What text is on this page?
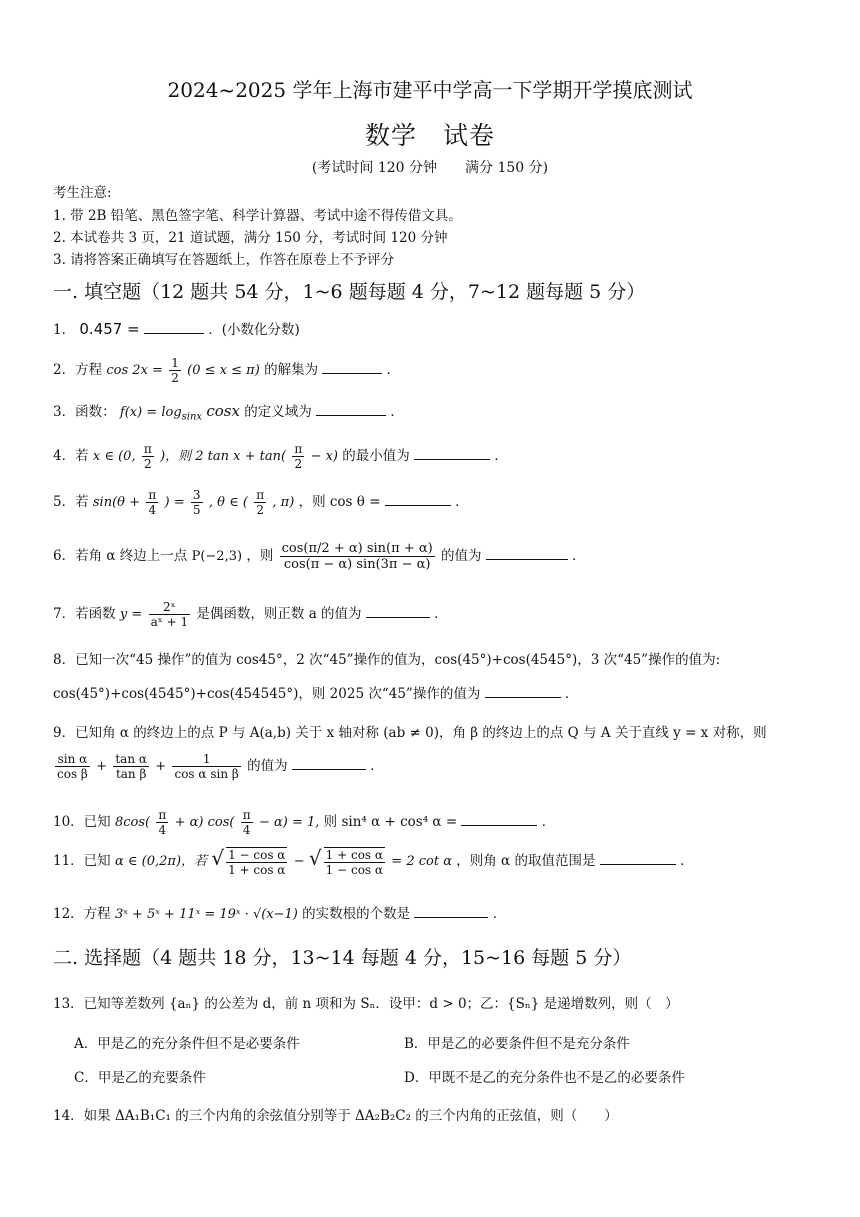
2024~2025 学年上海市建平中学高一下学期开学摸底测试
数学　试卷
(考试时间 120 分钟　　满分 150 分)
考生注意:
1. 带 2B 铅笔、黑色签字笔、科学计算器、考试中途不得传借文具。
2. 本试卷共 3 页，21 道试题，满分 150 分，考试时间 120 分钟
3. 请将答案正确填写在答题纸上，作答在原卷上不予评分
一. 填空题（12 题共 54 分，1~6 题每题 4 分，7~12 题每题 5 分）
1． 0.457 =	．(小数化分数)
2．方程 $\cos 2x = \frac{1}{2} (0 \le x \le \pi)$ 的解集为	．
3．函数： $f(x) = \log_{sinx} \cos x$ 的定义域为	．
4．若 x ∈ (0, $\frac{\pi}{2}$ )，则 2 $\tan x + \tan( \frac{\pi}{2} - x)$ 的最小值为	．
5．若 $\sin(\theta + \frac{\pi}{4}$ ) = $\frac{3}{5}$ , θ ∈ ( $\frac{\pi}{2}$ , π) ，则 cos θ =	．
6．若角 α 终边上一点 P(−2,3) ，则 $\frac{\cos(\pi/2 + \alpha) \sin(\pi + \alpha)}{\cos(\pi - \alpha) \sin(3\pi - \alpha)}$ 的值为	．
7．若函数 $y = \frac{\text{2ˣ}}{\text{aˣ + 1}}$ 是偶函数，则正数 a 的值为	．
8．已知一次“45 操作”的值为 cos45°，2 次“45”操作的值为，cos(45°)+cos(4545°)，3 次“45”操作的值为:
cos(45°)+cos(4545°)+cos(454545°)，则 2025 次“45”操作的值为	．
9．已知角 α 的终边上的点 P 与 A(a,b) 关于 x 轴对称 (ab ≠ 0)，角 β 的终边上的点 Q 与 A 关于直线 y = x 对称，则
$\frac{\text{sin α}}{\text{cos β}} + \frac{\text{tan α}}{\text{tan β}} + \frac{1}{\text{cos α sin β}}$ 的值为	．
10．已知 $8\cos( \frac{\pi}{4} + \alpha)$ $\cos( \frac{\pi}{4} - \alpha) = 1$, 则 sin⁴ α + cos⁴ α =	．
11．已知 α ∈ (0,2π)，若 √ $\frac{\text{1 − cos α}}{\text{1 + cos α}}$ − √ $\frac{\text{1 + cos α}}{\text{1 − cos α}} = 2$ cot α ，则角 α 的取值范围是	．
12．方程 3ˣ + 5ˣ + 11ˣ = 19ˣ · √(x−1) 的实数根的个数是	．
二. 选择题（4 题共 18 分，13~14 每题 4 分，15~16 每题 5 分）
13．已知等差数列 {aₙ} 的公差为 d，前 n 项和为 Sₙ．设甲：d > 0；乙：{Sₙ} 是递增数列，则（　）
A．甲是乙的充分条件但不是必要条件	B．甲是乙的必要条件但不是充分条件
C．甲是乙的充要条件	D．甲既不是乙的充分条件也不是乙的必要条件
14．如果 ΔA₁B₁C₁ 的三个内角的余弦值分别等于 ΔA₂B₂C₂ 的三个内角的正弦值，则（　　）
